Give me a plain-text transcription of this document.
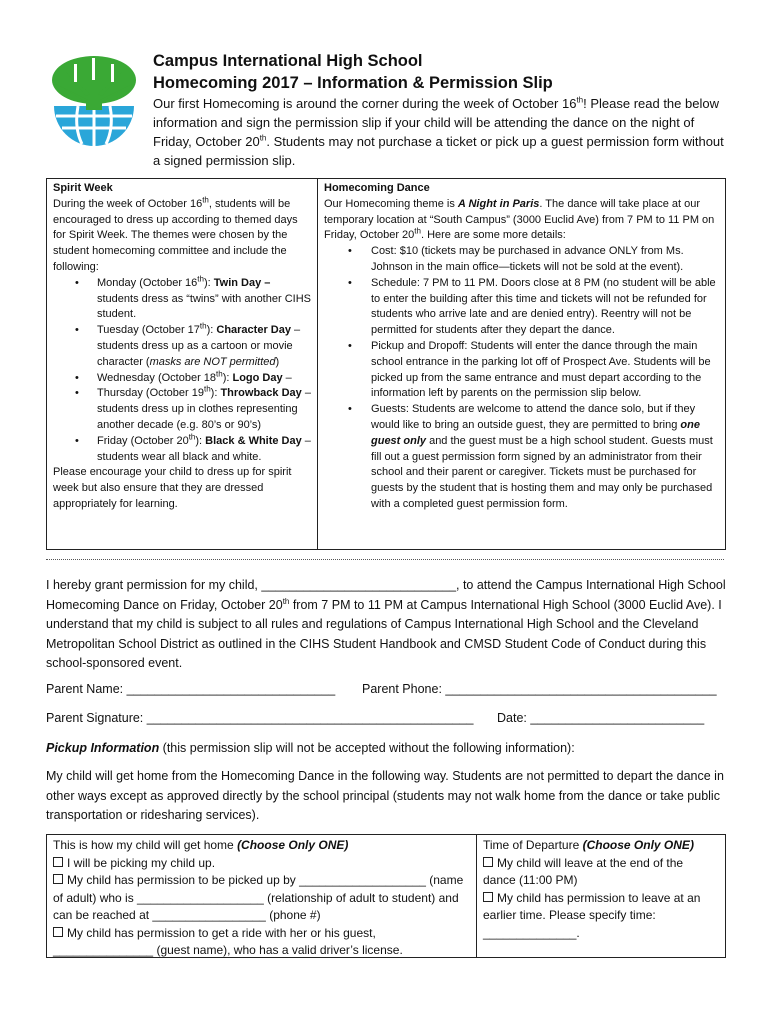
Campus International High School
Homecoming 2017 – Information & Permission Slip
Our first Homecoming is around the corner during the week of October 16th! Please read the below information and sign the permission slip if your child will be attending the dance on the night of Friday, October 20th. Students may not purchase a ticket or pick up a guest permission form without a signed permission slip.
Spirit Week
During the week of October 16th, students will be encouraged to dress up according to themed days for Spirit Week. The themes were chosen by the student homecoming committee and include the following:
• Monday (October 16th): Twin Day – students dress as “twins” with another CIHS student.
• Tuesday (October 17th): Character Day – students dress up as a cartoon or movie character (masks are NOT permitted)
• Wednesday (October 18th): Logo Day –
• Thursday (October 19th): Throwback Day – students dress up in clothes representing another decade (e.g. 80’s or 90’s)
• Friday (October 20th): Black & White Day – students wear all black and white.
Please encourage your child to dress up for spirit week but also ensure that they are dressed appropriately for learning.
Homecoming Dance
Our Homecoming theme is A Night in Paris. The dance will take place at our temporary location at “South Campus” (3000 Euclid Ave) from 7 PM to 11 PM on Friday, October 20th. Here are some more details:
• Cost: $10 (tickets may be purchased in advance ONLY from Ms. Johnson in the main office—tickets will not be sold at the event).
• Schedule: 7 PM to 11 PM. Doors close at 8 PM (no student will be able to enter the building after this time and tickets will not be refunded for students who arrive late and are denied entry). Reentry will not be permitted for students after they depart the dance.
• Pickup and Dropoff: Students will enter the dance through the main school entrance in the parking lot off of Prospect Ave. Students will be picked up from the same entrance and must depart according to the information left by parents on the permission slip below.
• Guests: Students are welcome to attend the dance solo, but if they would like to bring an outside guest, they are permitted to bring one guest only and the guest must be a high school student. Guests must fill out a guest permission form signed by an administrator from their school and their parent or caregiver. Tickets must be purchased for guests by the student that is hosting them and may only be purchased with a completed guest permission form.
I hereby grant permission for my child, ____________________________, to attend the Campus International High School Homecoming Dance on Friday, October 20th from 7 PM to 11 PM at Campus International High School (3000 Euclid Ave). I understand that my child is subject to all rules and regulations of Campus International High School and the Cleveland Metropolitan School District as outlined in the CIHS Student Handbook and CMSD Student Code of Conduct during this school-sponsored event.
Parent Name: ______________________________ Parent Phone: _______________________________________
Parent Signature: _______________________________________________ Date: _________________________
Pickup Information (this permission slip will not be accepted without the following information):
My child will get home from the Homecoming Dance in the following way. Students are not permitted to depart the dance in other ways except as approved directly by the school principal (students may not walk home from the dance or take public transportation or ridesharing services).
This is how my child will get home (Choose Only ONE)
I will be picking my child up.
My child has permission to be picked up by ___________________ (name of adult) who is ___________________ (relationship of adult to student) and can be reached at _________________ (phone #)
My child has permission to get a ride with her or his guest, _______________ (guest name), who has a valid driver’s license.
Time of Departure (Choose Only ONE)
My child will leave at the end of the dance (11:00 PM)
My child has permission to leave at an earlier time. Please specify time:
______________.
